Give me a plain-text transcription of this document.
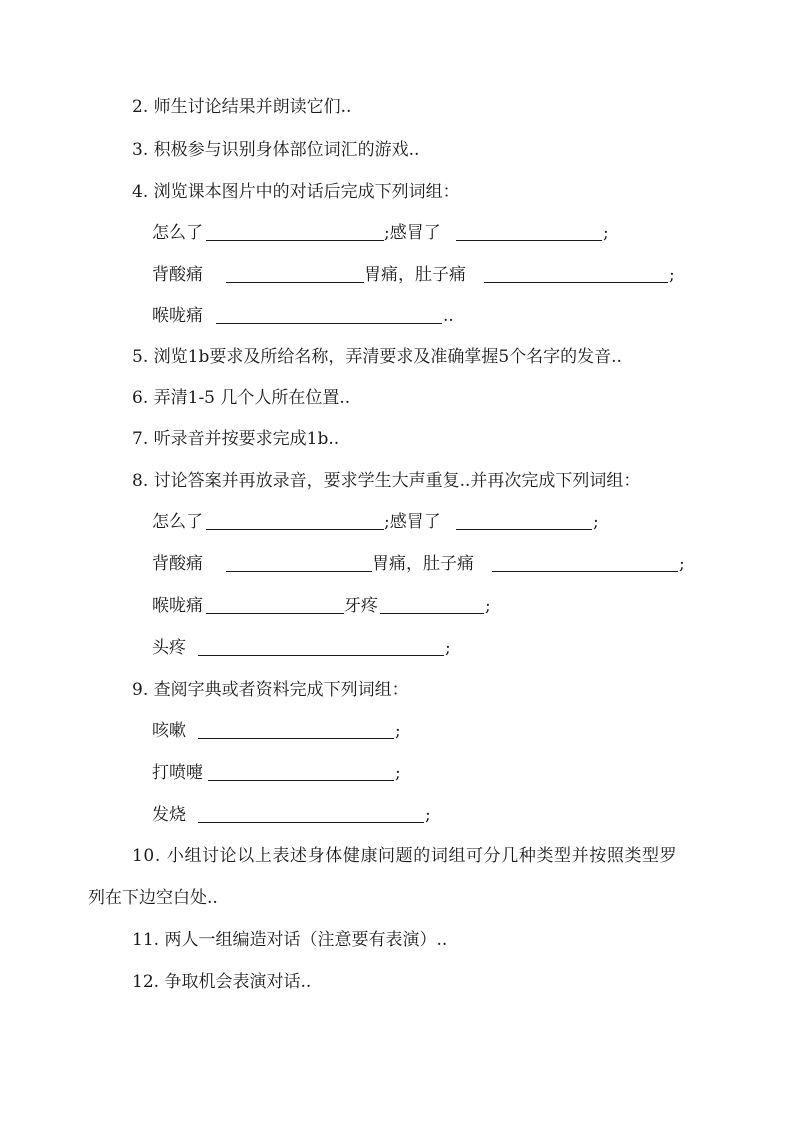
2. 师生讨论结果并朗读它们..
3. 积极参与识别身体部位词汇的游戏..
4. 浏览课本图片中的对话后完成下列词组：
怎么了	;感冒了	;
背酸痛	胃痛，肚子痛	;
喉咙痛	..
5. 浏览1b要求及所给名称，弄清要求及准确掌握5个名字的发音..
6. 弄清1-5 几个人所在位置..
7. 听录音并按要求完成1b..
8. 讨论答案并再放录音，要求学生大声重复..并再次完成下列词组：
怎么了	;感冒了	;
背酸痛	胃痛，肚子痛	;
喉咙痛	牙疼	;
头疼	;
9. 查阅字典或者资料完成下列词组：
咳嗽	;
打喷嚏	;
发烧	;
10. 小组讨论以上表述身体健康问题的词组可分几种类型并按照类型罗
列在下边空白处..
11. 两人一组编造对话（注意要有表演）..
12. 争取机会表演对话..
